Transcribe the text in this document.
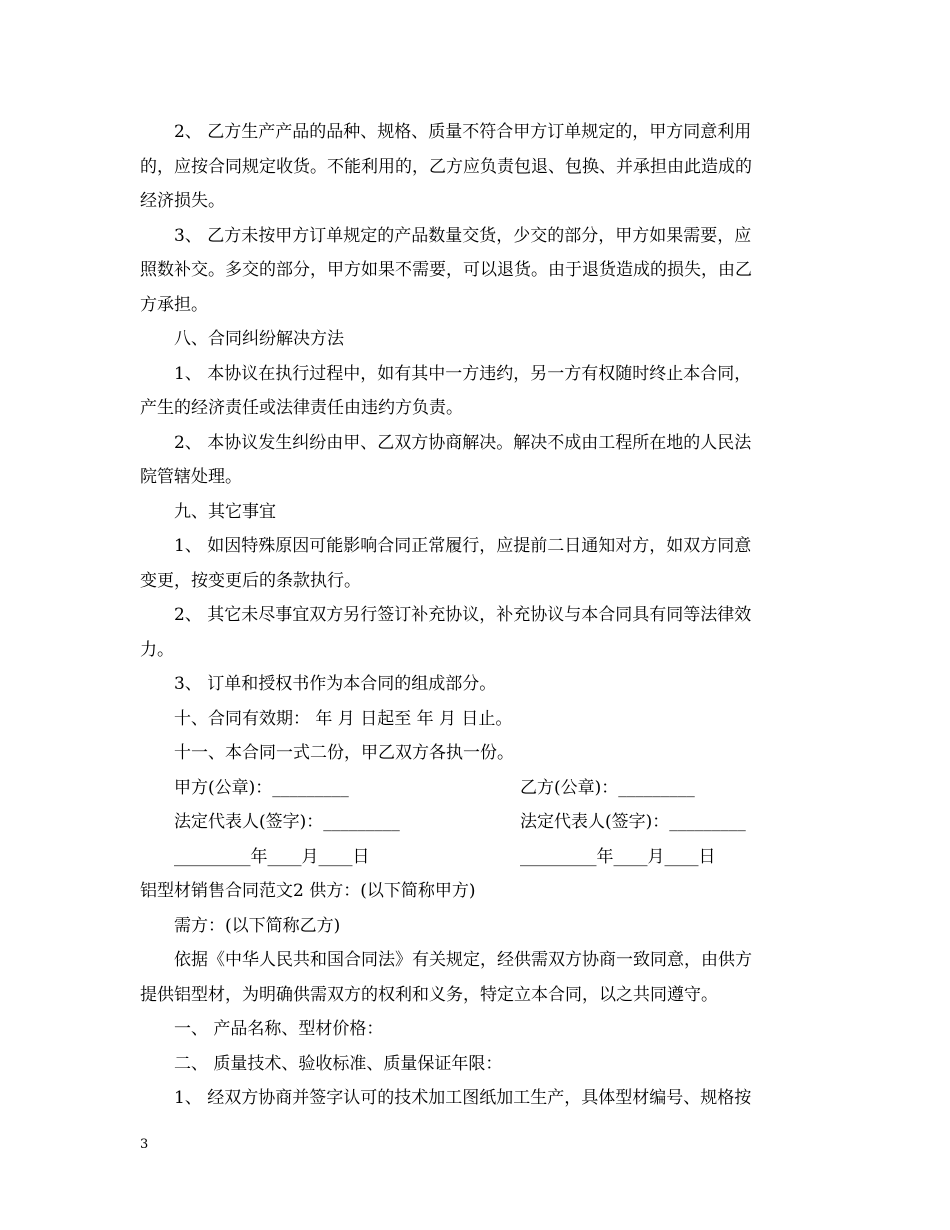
2、 乙方生产产品的品种、规格、质量不符合甲方订单规定的，甲方同意利用

的，应按合同规定收货。不能利用的，乙方应负责包退、包换、并承担由此造成的

经济损失。

3、 乙方未按甲方订单规定的产品数量交货，少交的部分，甲方如果需要，应

照数补交。多交的部分，甲方如果不需要，可以退货。由于退货造成的损失，由乙

方承担。

八、合同纠纷解决方法

1、 本协议在执行过程中，如有其中一方违约，另一方有权随时终止本合同，

产生的经济责任或法律责任由违约方负责。

2、 本协议发生纠纷由甲、乙双方协商解决。解决不成由工程所在地的人民法

院管辖处理。

九、其它事宜

1、 如因特殊原因可能影响合同正常履行，应提前二日通知对方，如双方同意

变更，按变更后的条款执行。

2、 其它未尽事宜双方另行签订补充协议，补充协议与本合同具有同等法律效

力。

3、 订单和授权书作为本合同的组成部分。

十、合同有效期： 年 月 日起至 年 月 日止。

十一、本合同一式二份，甲乙双方各执一份。

甲方(公章)：_________	乙方(公章)：_________
法定代表人(签字)：_________	法定代表人(签字)：_________
_________年____月____日	_________年____月____日

铝型材销售合同范文2 供方：(以下简称甲方)

需方：(以下简称乙方)

依据《中华人民共和国合同法》有关规定，经供需双方协商一致同意，由供方

提供铝型材，为明确供需双方的权利和义务，特定立本合同，以之共同遵守。

一、 产品名称、型材价格：

二、 质量技术、验收标准、质量保证年限：

1、 经双方协商并签字认可的技术加工图纸加工生产，具体型材编号、规格按

3
